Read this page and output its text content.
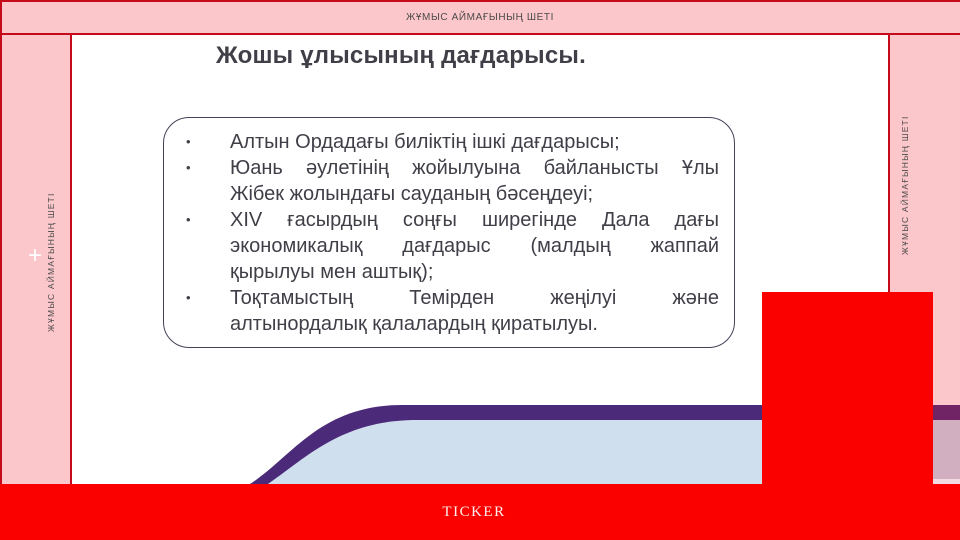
ЖҰМЫС АЙМАҒЫНЫҢ ШЕТІ
Жошы ұлысының дағдарысы.
•	Алтын Ордадағы биліктің ішкі дағдарысы;
•	Юань әулетінің жойылуына байланысты Ұлы
Жібек жолындағы сауданың бәсеңдеуі;
•	XIV ғасырдың соңғы ширегінде Дала дағы
экономикалық дағдарыс (малдың жаппай
қырылуы мен аштық);
•	Тоқтамыстың Темірден жеңілуі және
алтынордалық қалалардың қиратылуы.
ЖҰМЫС АЙМАҒЫНЫҢ ШЕТІ
ЖҰМЫС АЙМАҒЫНЫҢ ШЕТІ
+
TICKER
